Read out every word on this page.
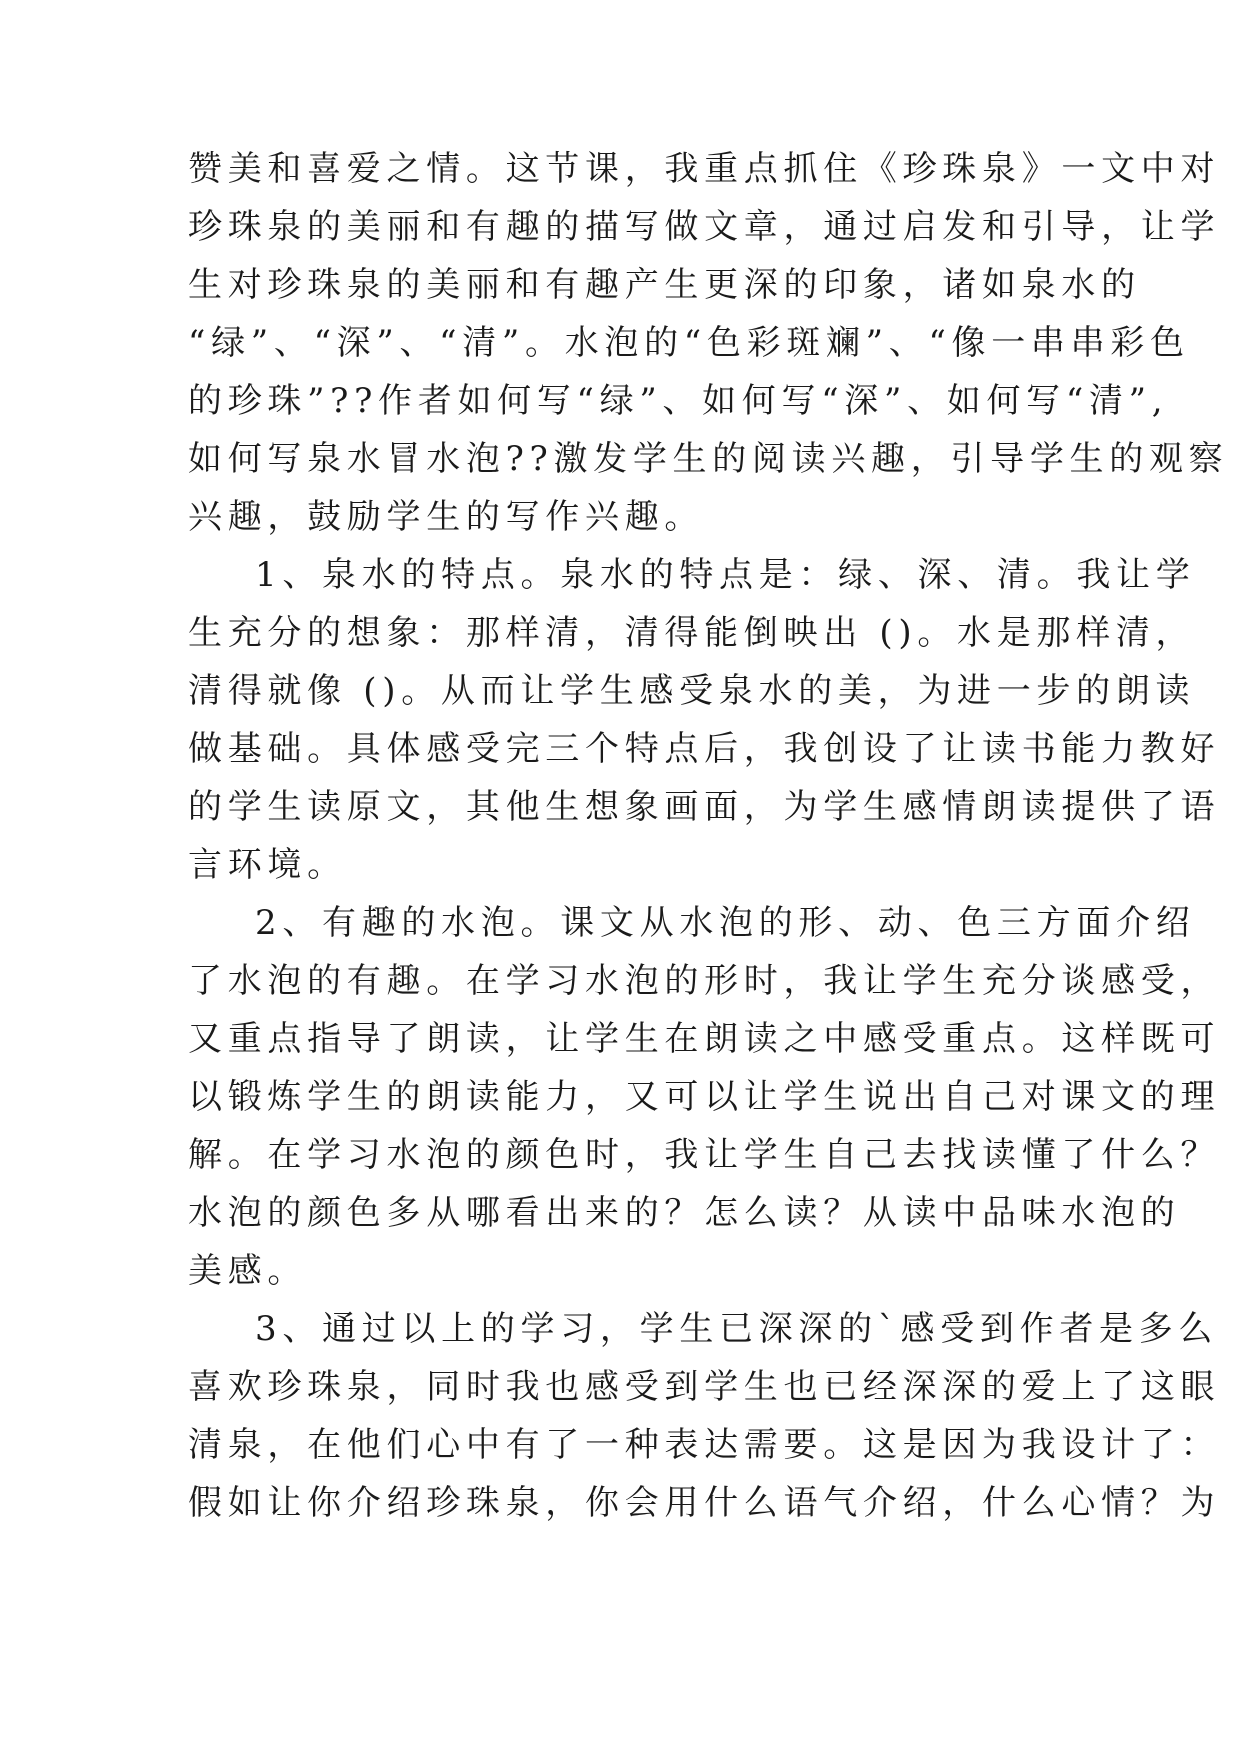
赞美和喜爱之情。这节课，我重点抓住《珍珠泉》一文中对
珍珠泉的美丽和有趣的描写做文章，通过启发和引导，让学
生对珍珠泉的美丽和有趣产生更深的印象，诸如泉水的
“绿”、“深”、“清”。水泡的“色彩斑斓”、“像一串串彩色
的珍珠”??作者如何写“绿”、如何写“深”、如何写“清”,
如何写泉水冒水泡??激发学生的阅读兴趣，引导学生的观察
兴趣，鼓励学生的写作兴趣。
1、泉水的特点。泉水的特点是：绿、深、清。我让学
生充分的想象：那样清，清得能倒映出 ()。水是那样清，
清得就像 ()。从而让学生感受泉水的美，为进一步的朗读
做基础。具体感受完三个特点后，我创设了让读书能力教好
的学生读原文，其他生想象画面，为学生感情朗读提供了语
言环境。
2、有趣的水泡。课文从水泡的形、动、色三方面介绍
了水泡的有趣。在学习水泡的形时，我让学生充分谈感受，
又重点指导了朗读，让学生在朗读之中感受重点。这样既可
以锻炼学生的朗读能力，又可以让学生说出自己对课文的理
解。在学习水泡的颜色时，我让学生自己去找读懂了什么？
水泡的颜色多从哪看出来的？怎么读？从读中品味水泡的
美感。
3、通过以上的学习，学生已深深的`感受到作者是多么
喜欢珍珠泉，同时我也感受到学生也已经深深的爱上了这眼
清泉，在他们心中有了一种表达需要。这是因为我设计了：
假如让你介绍珍珠泉，你会用什么语气介绍，什么心情？为
